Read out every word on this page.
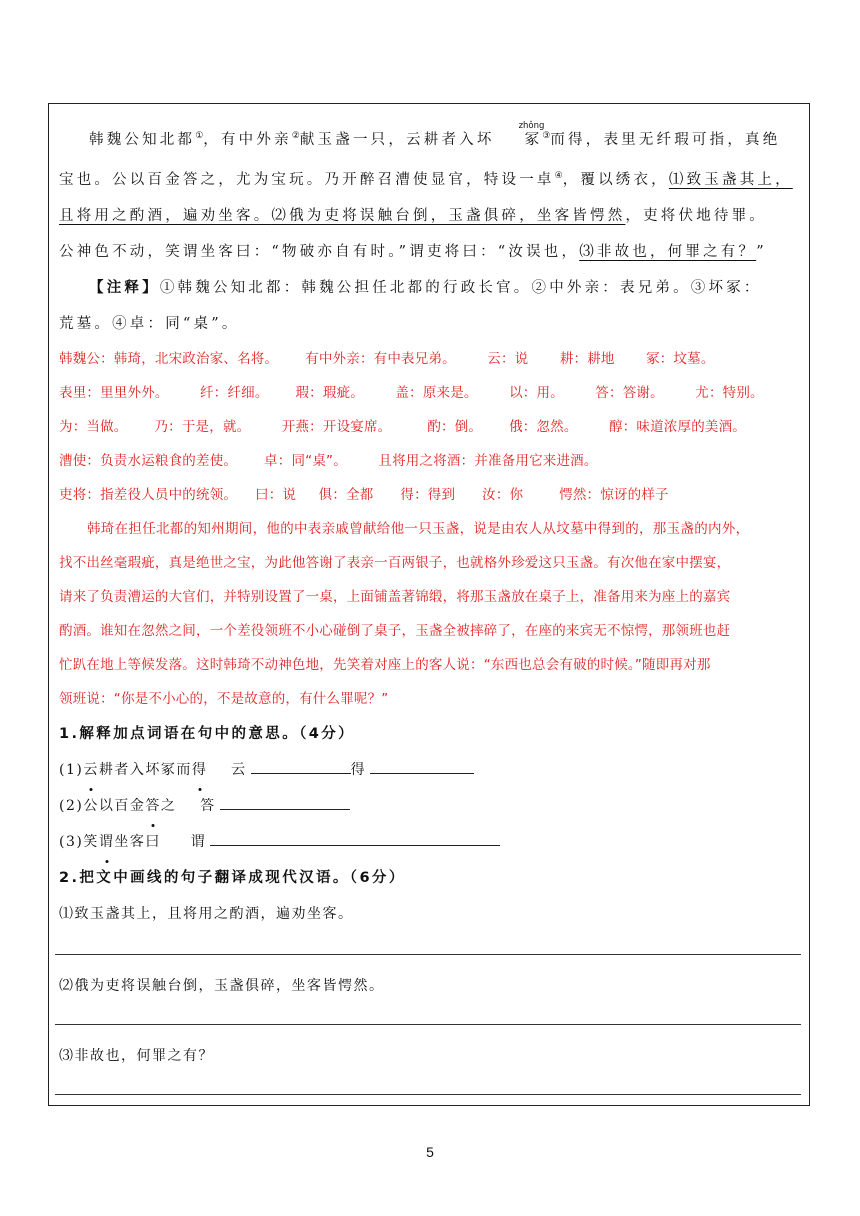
韩魏公知北都①，有中外亲②献玉盏一只，云耕者入坏
zhǒng
冢③而得，表里无纤瑕可指，真绝

宝也。公以百金答之，尤为宝玩。乃开醉召漕使显官，特设一卓④，覆以绣衣，⑴致玉盏其上，

且将用之酌酒，遍劝坐客。⑵俄为吏将误触台倒，玉盏俱碎，坐客皆愕然，吏将伏地待罪。

公神色不动，笑谓坐客曰：“物破亦自有时。”谓吏将曰：“汝误也，⑶非故也，何罪之有？”

【注释】①韩魏公知北都：韩魏公担任北都的行政长官。②中外亲：表兄弟。③坏冢：

荒墓。④卓：同“桌”。

韩魏公：韩琦，北宋政治家、名将。      有中外亲：有中表兄弟。       云：说       耕：耕地       冢：坟墓。

表里：里里外外。       纤：纤细。      瑕：瑕疵。       盖：原来是。       以：用。       答：答谢。       尤：特别。

为：当做。      乃：于是，就。       开燕：开设宴席。        酌：倒。      俄：忽然。       醇：味道浓厚的美酒。

漕使：负责水运粮食的差使。      卓：同“桌”。       且将用之将酒：并准备用它来进酒。

吏将：指差役人员中的统领。    曰：说     俱：全都      得：得到      汝：你        愕然：惊讶的样子

韩琦在担任北都的知州期间，他的中表亲戚曾献给他一只玉盏，说是由农人从坟墓中得到的，那玉盏的内外，

找不出丝毫瑕疵，真是绝世之宝，为此他答谢了表亲一百两银子，也就格外珍爱这只玉盏。有次他在家中摆宴，

请来了负责漕运的大官们，并特别设置了一桌，上面铺盖著锦缎，将那玉盏放在桌子上，准备用来为座上的嘉宾

酌酒。谁知在忽然之间，一个差役领班不小心碰倒了桌子，玉盏全被摔碎了，在座的来宾无不惊愕，那领班也赶

忙趴在地上等候发落。这时韩琦不动神色地，先笑着对座上的客人说：“东西也总会有破的时候。”随即再对那

领班说：“你是不小心的，不是故意的，有什么罪呢？”

1.解释加点词语在句中的意思。（4分）

(1)云耕者入坏冢而得 云	得

(2)公以百金答之 答

(3)笑谓坐客曰 谓

2.把文中画线的句子翻译成现代汉语。（6分）

⑴致玉盏其上，且将用之酌酒，遍劝坐客。

⑵俄为吏将误触台倒，玉盏俱碎，坐客皆愕然。

⑶非故也，何罪之有？

5
